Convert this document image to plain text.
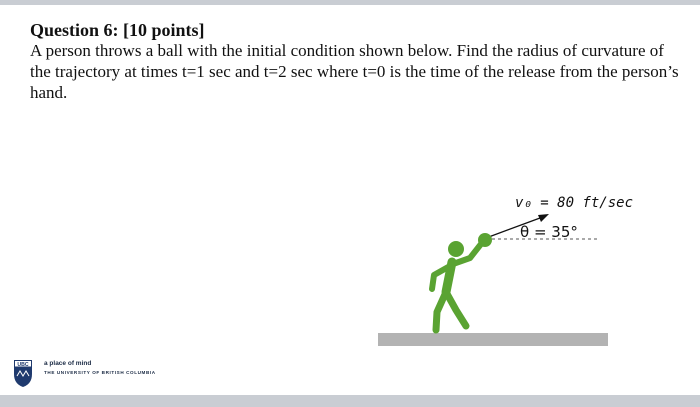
Question 6: [10 points]

A person throws a ball with the initial condition shown below. Find the radius of curvature of the trajectory at times t=1 sec and t=2 sec where t=0 is the time of the release from the person’s hand.

v₀ = 80 ft/sec
θ = 35°
UBC a place of mind
THE UNIVERSITY OF BRITISH COLUMBIA
